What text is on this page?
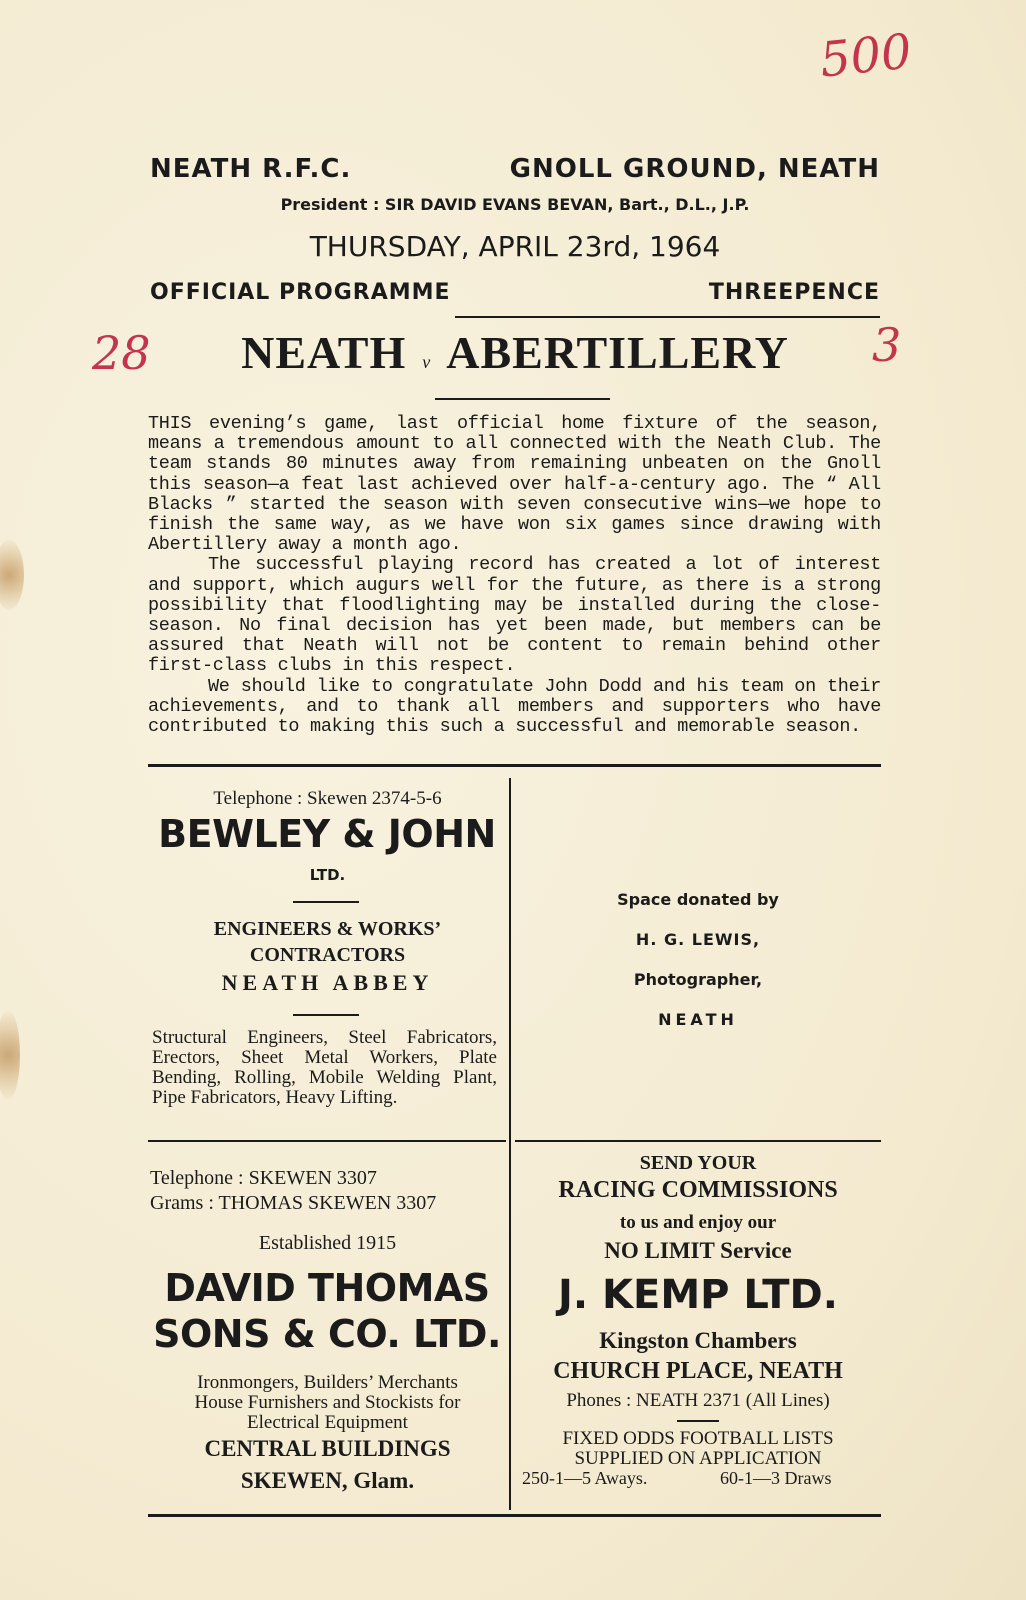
500
28	3
NEATH R.F.C.	GNOLL GROUND, NEATH
President : SIR DAVID EVANS BEVAN, Bart., D.L., J.P.
THURSDAY, APRIL 23rd, 1964
OFFICIAL PROGRAMME	THREEPENCE
NEATH v ABERTILLERY

THIS evening’s game, last official home fixture of the season, means a tremendous amount to all connected with the Neath Club. The team stands 80 minutes away from remaining unbeaten on the Gnoll this season—a feat last achieved over half-a-century ago. The “ All Blacks ” started the season with seven consecutive wins—we hope to finish the same way, as we have won six games since drawing with Abertillery away a month ago.

The successful playing record has created a lot of interest and support, which augurs well for the future, as there is a strong possibility that floodlighting may be installed during the close-season. No final decision has yet been made, but members can be assured that Neath will not be content to remain behind other first-class clubs in this respect.

We should like to congratulate John Dodd and his team on their achievements, and to thank all members and supporters who have contributed to making this such a successful and memorable season.

Telephone : Skewen 2374-5-6
BEWLEY & JOHN
LTD.
ENGINEERS & WORKS’
CONTRACTORS
NEATH ABBEY
Structural Engineers, Steel Fabricators, Erectors, Sheet Metal Workers, Plate Bending, Rolling, Mobile Welding Plant, Pipe Fabricators, Heavy Lifting.
Space donated by
H. G. LEWIS,
Photographer,
NEATH
Telephone : SKEWEN 3307
Grams : THOMAS SKEWEN 3307
Established 1915
DAVID THOMAS
SONS & CO. LTD.
Ironmongers, Builders’ Merchants
House Furnishers and Stockists for
Electrical Equipment
CENTRAL BUILDINGS
SKEWEN, Glam.
SEND YOUR
RACING COMMISSIONS
to us and enjoy our
NO LIMIT Service
J. KEMP LTD.
Kingston Chambers
CHURCH PLACE, NEATH
Phones : NEATH 2371 (All Lines)
FIXED ODDS FOOTBALL LISTS
SUPPLIED ON APPLICATION
250-1—5 Aways.	60-1—3 Draws
